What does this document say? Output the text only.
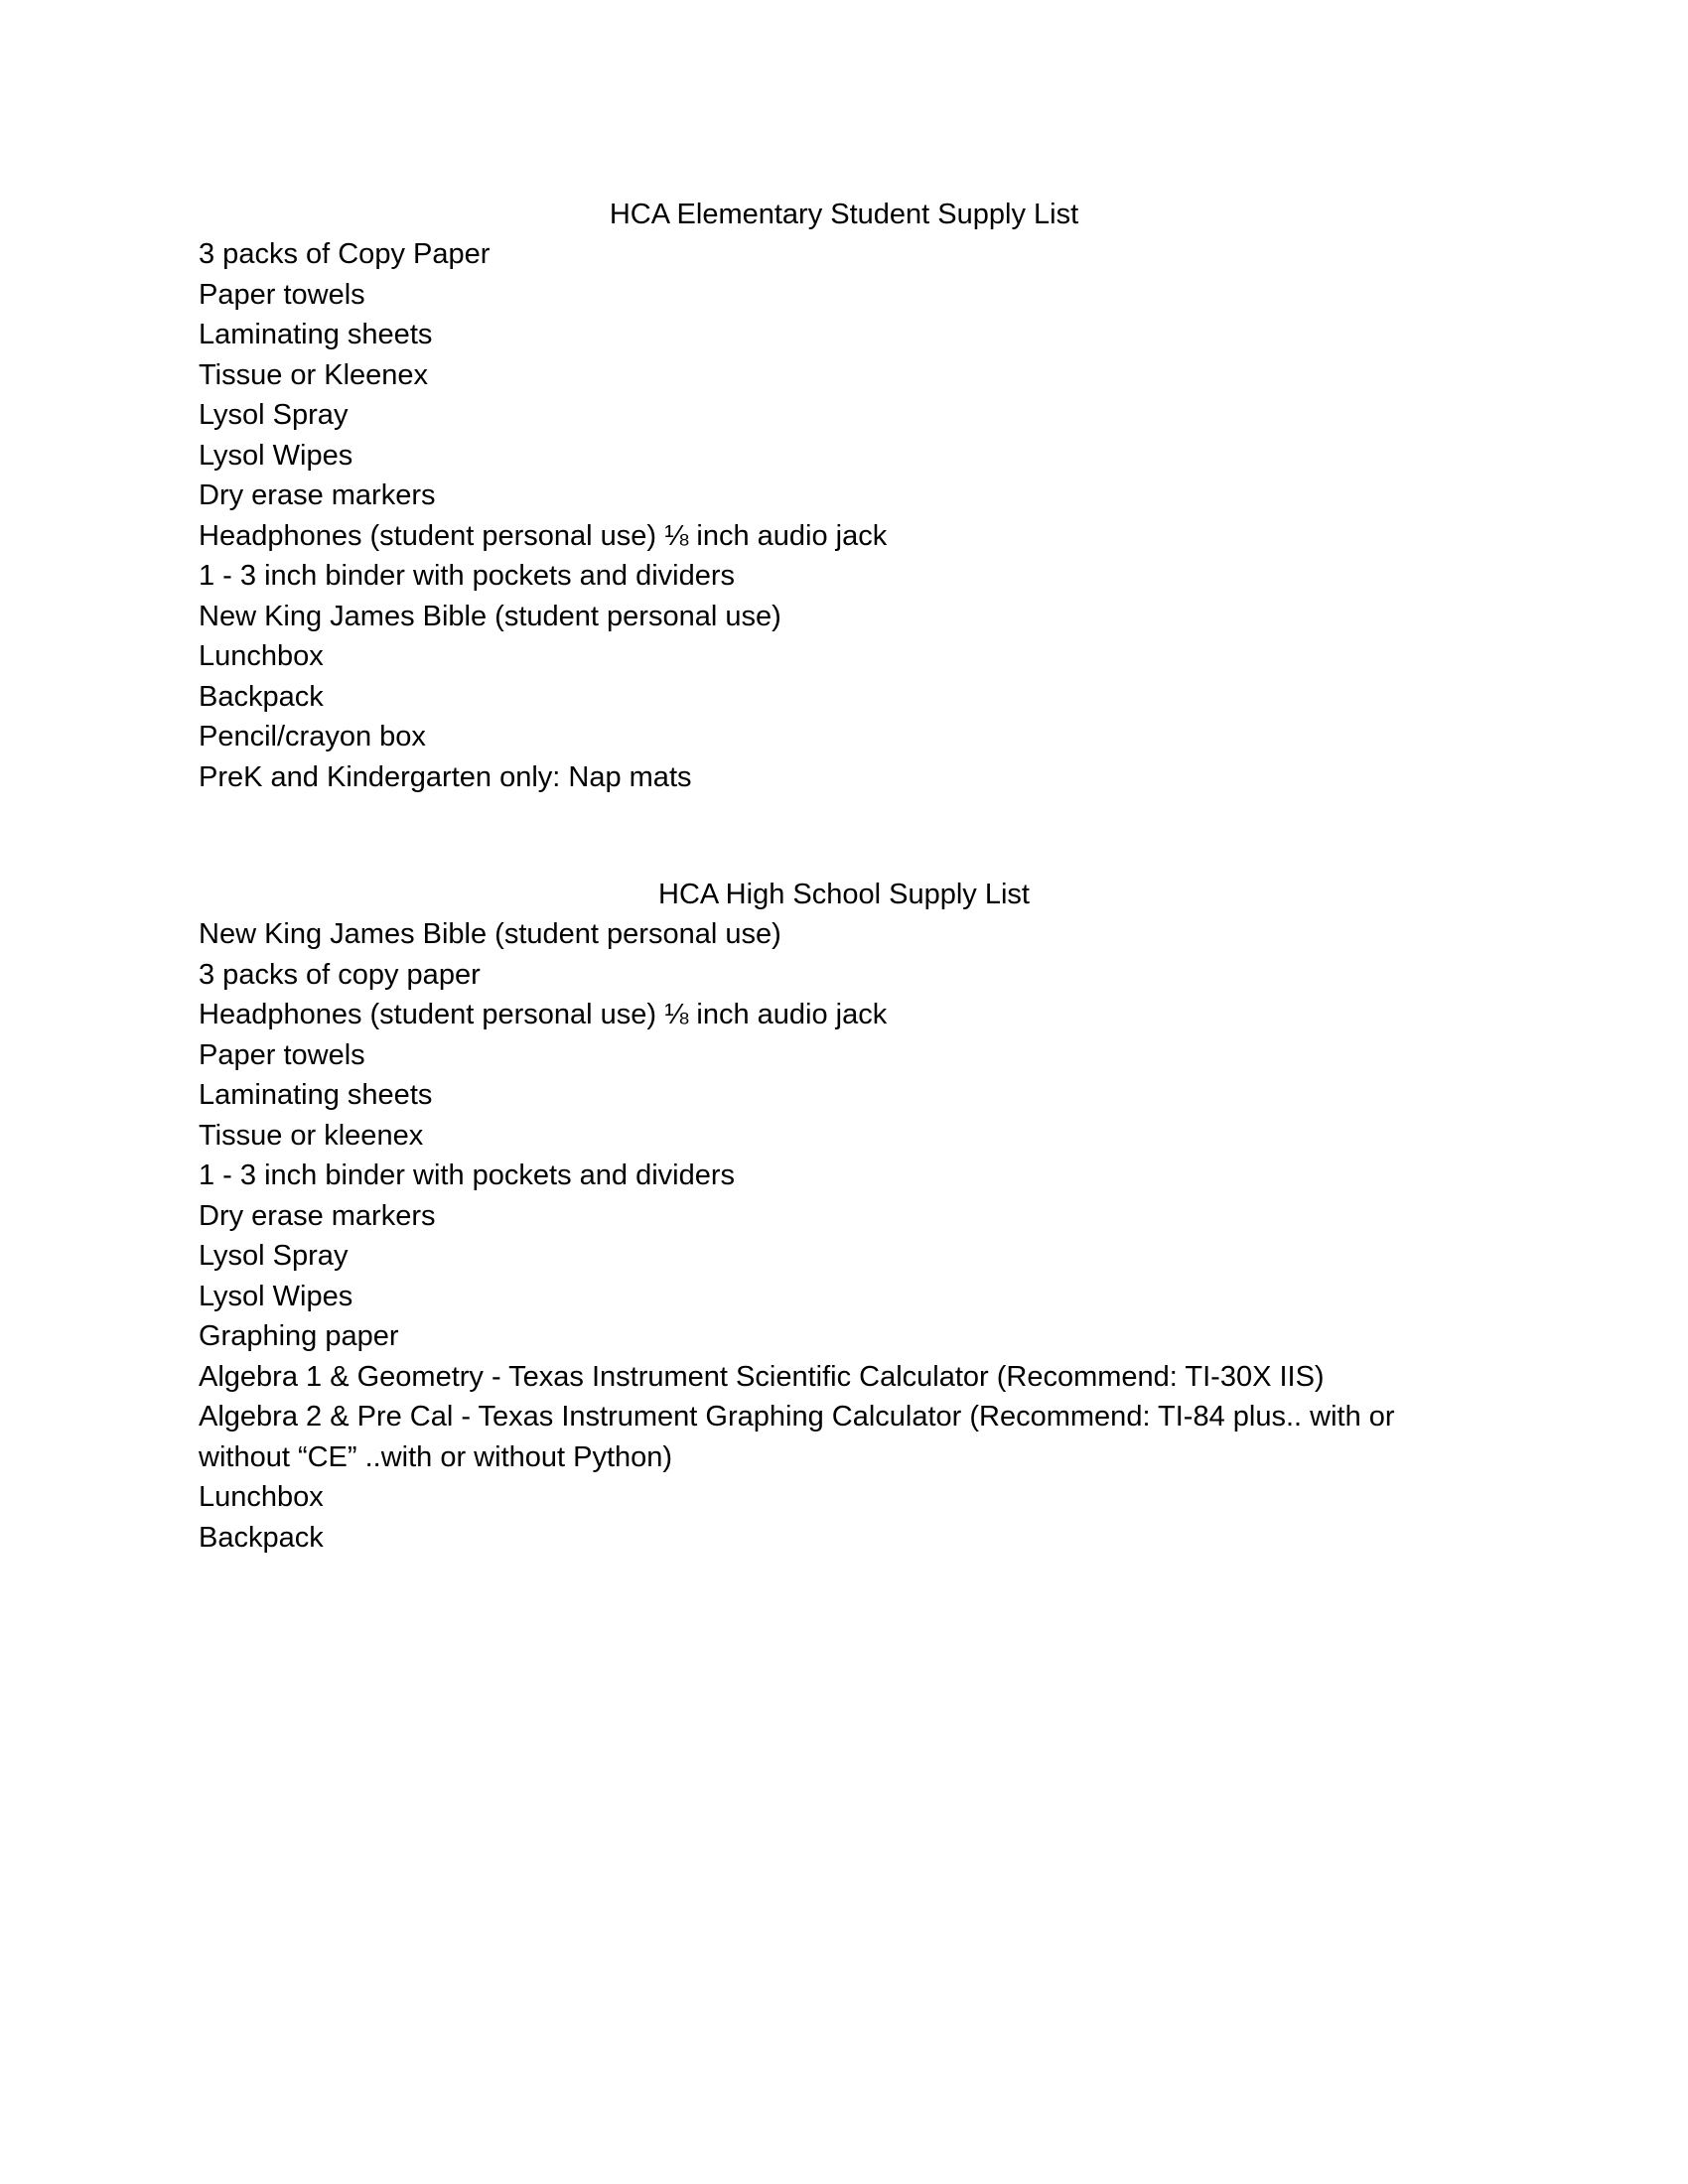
HCA Elementary Student Supply List
3 packs of Copy Paper
Paper towels
Laminating sheets
Tissue or Kleenex
Lysol Spray
Lysol Wipes
Dry erase markers
Headphones (student personal use) ⅛ inch audio jack
1 - 3 inch binder with pockets and dividers
New King James Bible (student personal use)
Lunchbox
Backpack
Pencil/crayon box
PreK and Kindergarten only: Nap mats
HCA High School Supply List
New King James Bible (student personal use)
3 packs of copy paper
Headphones (student personal use) ⅛ inch audio jack
Paper towels
Laminating sheets
Tissue or kleenex
1 - 3 inch binder with pockets and dividers
Dry erase markers
Lysol Spray
Lysol Wipes
Graphing paper
Algebra 1 & Geometry - Texas Instrument Scientific Calculator (Recommend: TI-30X IIS)
Algebra 2 & Pre Cal - Texas Instrument Graphing Calculator (Recommend: TI-84 plus.. with or without “CE” ..with or without Python)
Lunchbox
Backpack
